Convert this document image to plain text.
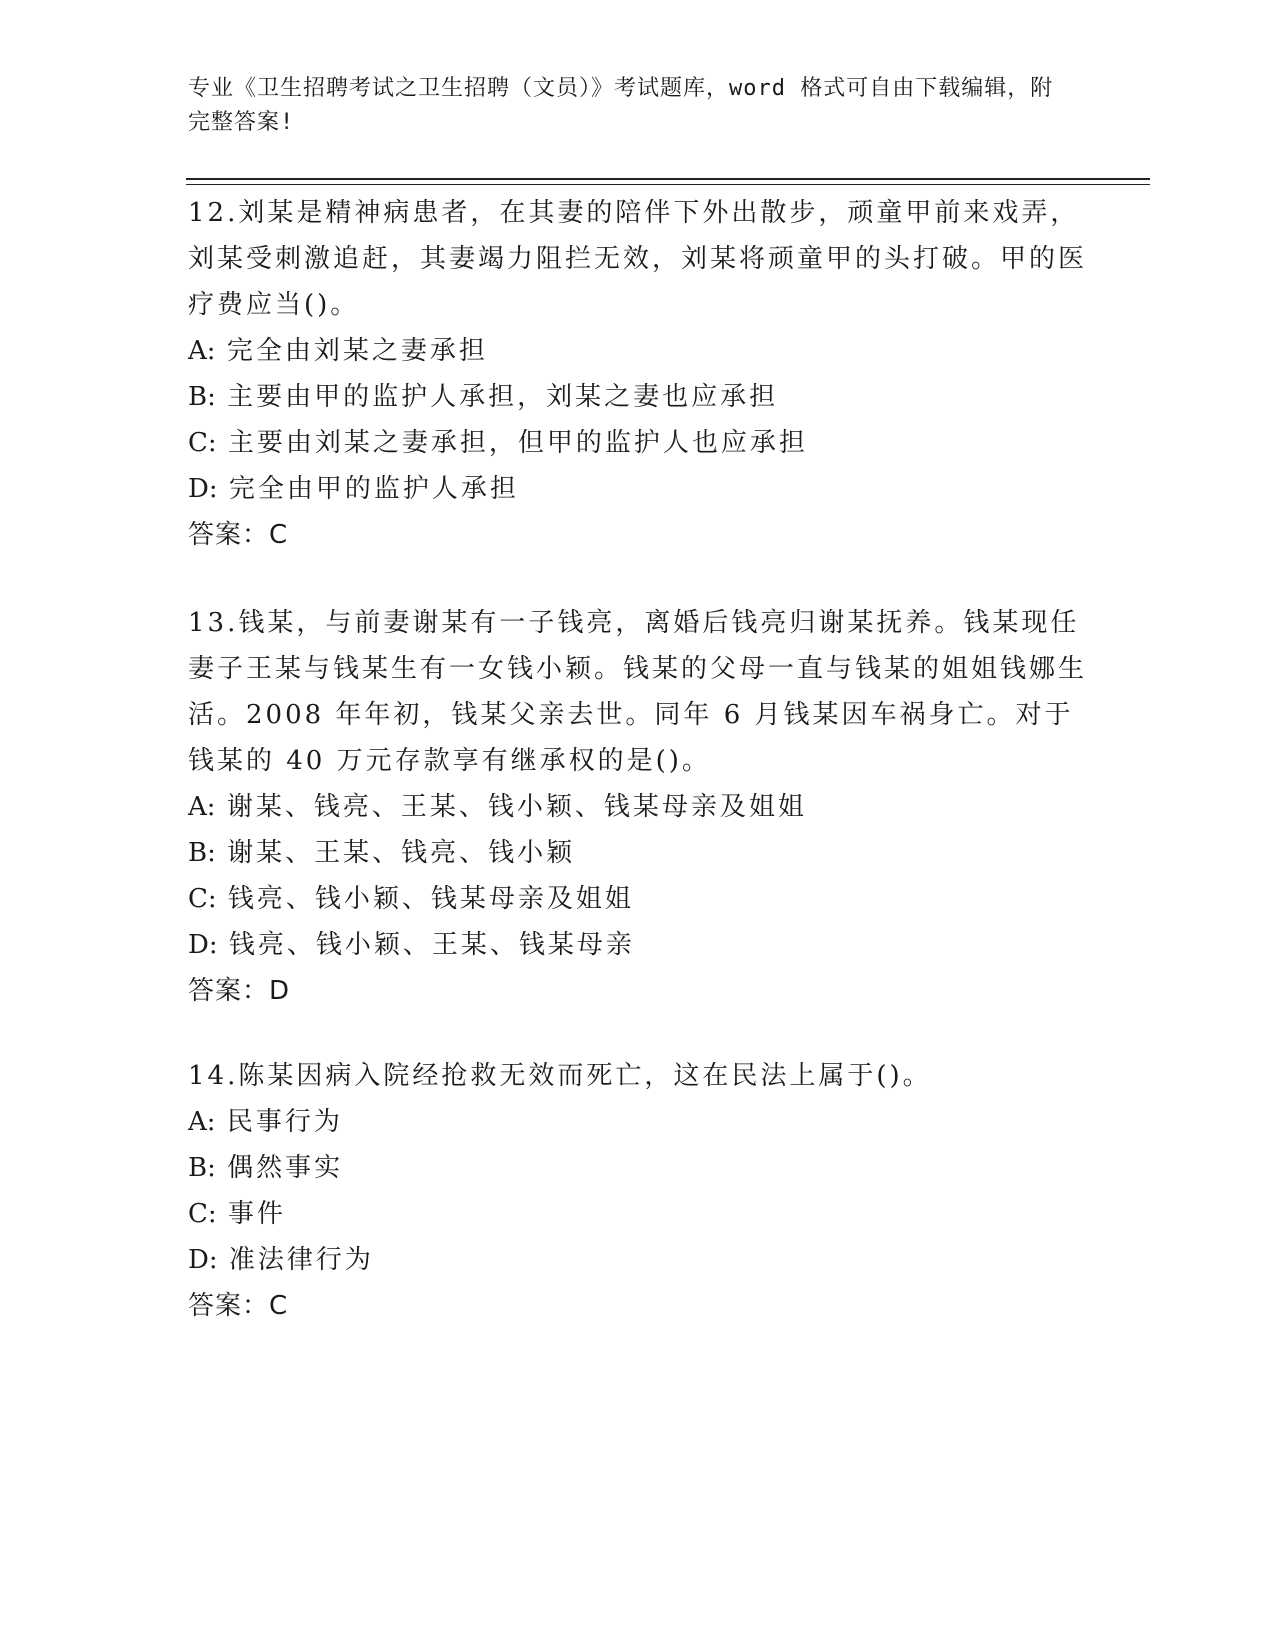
专业《卫生招聘考试之卫生招聘（文员）》考试题库，word 格式可自由下载编辑，附完整答案!
12.刘某是精神病患者，在其妻的陪伴下外出散步，顽童甲前来戏弄，刘某受刺激追赶，其妻竭力阻拦无效，刘某将顽童甲的头打破。甲的医疗费应当()。
A: 完全由刘某之妻承担
B: 主要由甲的监护人承担，刘某之妻也应承担
C: 主要由刘某之妻承担，但甲的监护人也应承担
D: 完全由甲的监护人承担
答案：C
13.钱某，与前妻谢某有一子钱亮，离婚后钱亮归谢某抚养。钱某现任妻子王某与钱某生有一女钱小颖。钱某的父母一直与钱某的姐姐钱娜生活。2008 年年初，钱某父亲去世。同年 6 月钱某因车祸身亡。对于钱某的 40 万元存款享有继承权的是()。
A: 谢某、钱亮、王某、钱小颖、钱某母亲及姐姐
B: 谢某、王某、钱亮、钱小颖
C: 钱亮、钱小颖、钱某母亲及姐姐
D: 钱亮、钱小颖、王某、钱某母亲
答案：D
14.陈某因病入院经抢救无效而死亡，这在民法上属于()。
A: 民事行为
B: 偶然事实
C: 事件
D: 准法律行为
答案：C
